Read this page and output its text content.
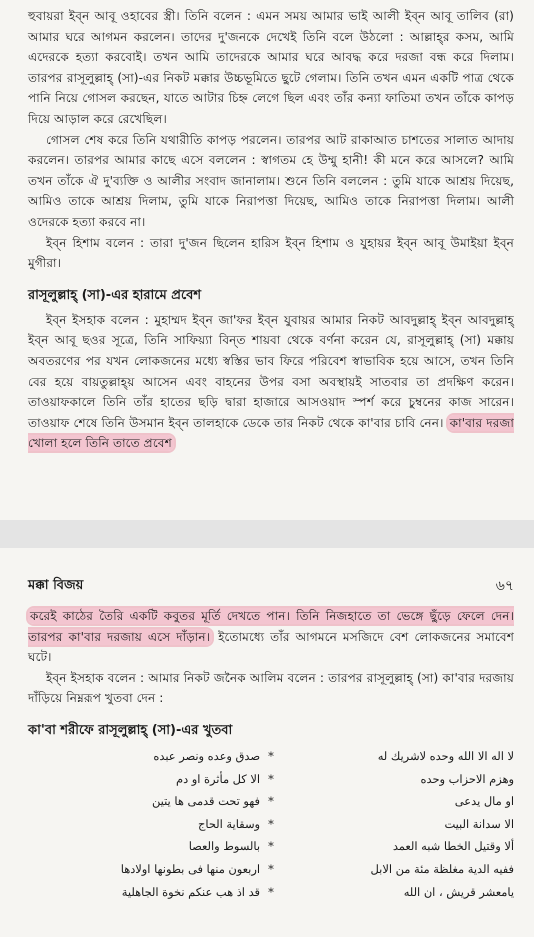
হুবায়রা ইব্‌ন আবূ ওহাবের স্ত্রী। তিনি বলেন : এমন সময় আমার ভাই আলী ইব্‌ন আবূ তালিব (রা) আমার ঘরে আগমন করলেন। তাদের দু'জনকে দেখেই তিনি বলে উঠলো : আল্লাহ্‌র কসম, আমি এদেরকে হত্যা করবোই। তখন আমি তাদেরকে আমার ঘরে আবদ্ধ করে দরজা বন্ধ করে দিলাম। তারপর রাসূলুল্লাহ্‌ (সা)-এর নিকট মক্কার উচ্চভূমিতে ছুটে গেলাম। তিনি তখন এমন একটি পাত্র থেকে পানি নিয়ে গোসল করছেন, যাতে আটার চিহ্ন লেগে ছিল এবং তাঁর কন্যা ফাতিমা তখন তাঁকে কাপড় দিয়ে আড়াল করে রেখেছিল।

গোসল শেষ করে তিনি যথারীতি কাপড় পরলেন। তারপর আট রাকাআত চাশতের সালাত আদায় করলেন। তারপর আমার কাছে এসে বললেন : স্বাগতম হে উম্মু হানী! কী মনে করে আসলে? আমি তখন তাঁকে ঐ দু'ব্যক্তি ও আলীর সংবাদ জানালাম। শুনে তিনি বললেন : তুমি যাকে আশ্রয় দিয়েছ, আমিও তাকে আশ্রয় দিলাম, তুমি যাকে নিরাপত্তা দিয়েছ, আমিও তাকে নিরাপত্তা দিলাম। আলী ওদেরকে হত্যা করবে না।

ইব্‌ন হিশাম বলেন : তারা দু'জন ছিলেন হারিস ইব্‌ন হিশাম ও যুহায়র ইব্‌ন আবূ উমাইয়া ইব্‌ন মুগীরা।

রাসূলুল্লাহ্‌ (সা)-এর হারামে প্রবেশ

ইব্‌ন ইসহাক বলেন : মুহাম্মদ ইব্‌ন জা'ফর ইব্‌ন যুবায়র আমার নিকট আবদুল্লাহ্‌ ইব্‌ন আবদুল্লাহ্‌ ইব্‌ন আবূ ছওর সূত্রে, তিনি সাফিয়্যা বিন্‌ত শায়বা থেকে বর্ণনা করেন যে, রাসূলুল্লাহ্‌ (সা) মক্কায় অবতরণের পর যখন লোকজনের মধ্যে স্বস্তির ভাব ফিরে পরিবেশ স্বাভাবিক হয়ে আসে, তখন তিনি বের হয়ে বায়তুল্লাহ্‌য় আসেন এবং বাহনের উপর বসা অবস্থায়ই সাতবার তা প্রদক্ষিণ করেন। তাওয়াফকালে তিনি তাঁর হাতের ছড়ি দ্বারা হাজারে আসওয়াদ স্পর্শ করে চুম্বনের কাজ সারেন। তাওয়াফ শেষে তিনি উসমান ইব্‌ন তালহাকে ডেকে তার নিকট থেকে কা'বার চাবি নেন। কা'বার দরজা খোলা হলে তিনি তাতে প্রবেশ

মক্কা বিজয়	৬৭

করেই কাঠের তৈরি একটি কবুতর মূর্তি দেখতে পান। তিনি নিজহাতে তা ভেঙ্গে ছুঁড়ে ফেলে দেন। তারপর কা'বার দরজায় এসে দাঁড়ান। ইতোমধ্যে তাঁর আগমনে মসজিদে বেশ লোকজনের সমাবেশ ঘটে।

ইব্‌ন ইসহাক বলেন : আমার নিকট জনৈক আলিম বলেন : তারপর রাসূলুল্লাহ্‌ (সা) কা'বার দরজায় দাঁড়িয়ে নিম্নরূপ খুতবা দেন :

কা'বা শরীফে রাসূলুল্লাহ্‌ (সা)-এর খুতবা
لا اله الا الله وحده لاشريك له
*
صدق وعده ونصر عبده
وهزم الاحزاب وحده
*
الا كل مأثرة او دم
او مال يدعى
*
فهو تحت قدمى ها يتين
الا سدانة البيت
*
وسقاية الحاج
ألا وقتيل الخطا شبه العمد
*
بالسوط والعصا
ففيه الدية مغلظة مئة من الابل
*
اربعون منها فى بطونها اولادها
يامعشر قريش ، ان الله
*
قد اذ هب عنكم نخوة الجاهلية
